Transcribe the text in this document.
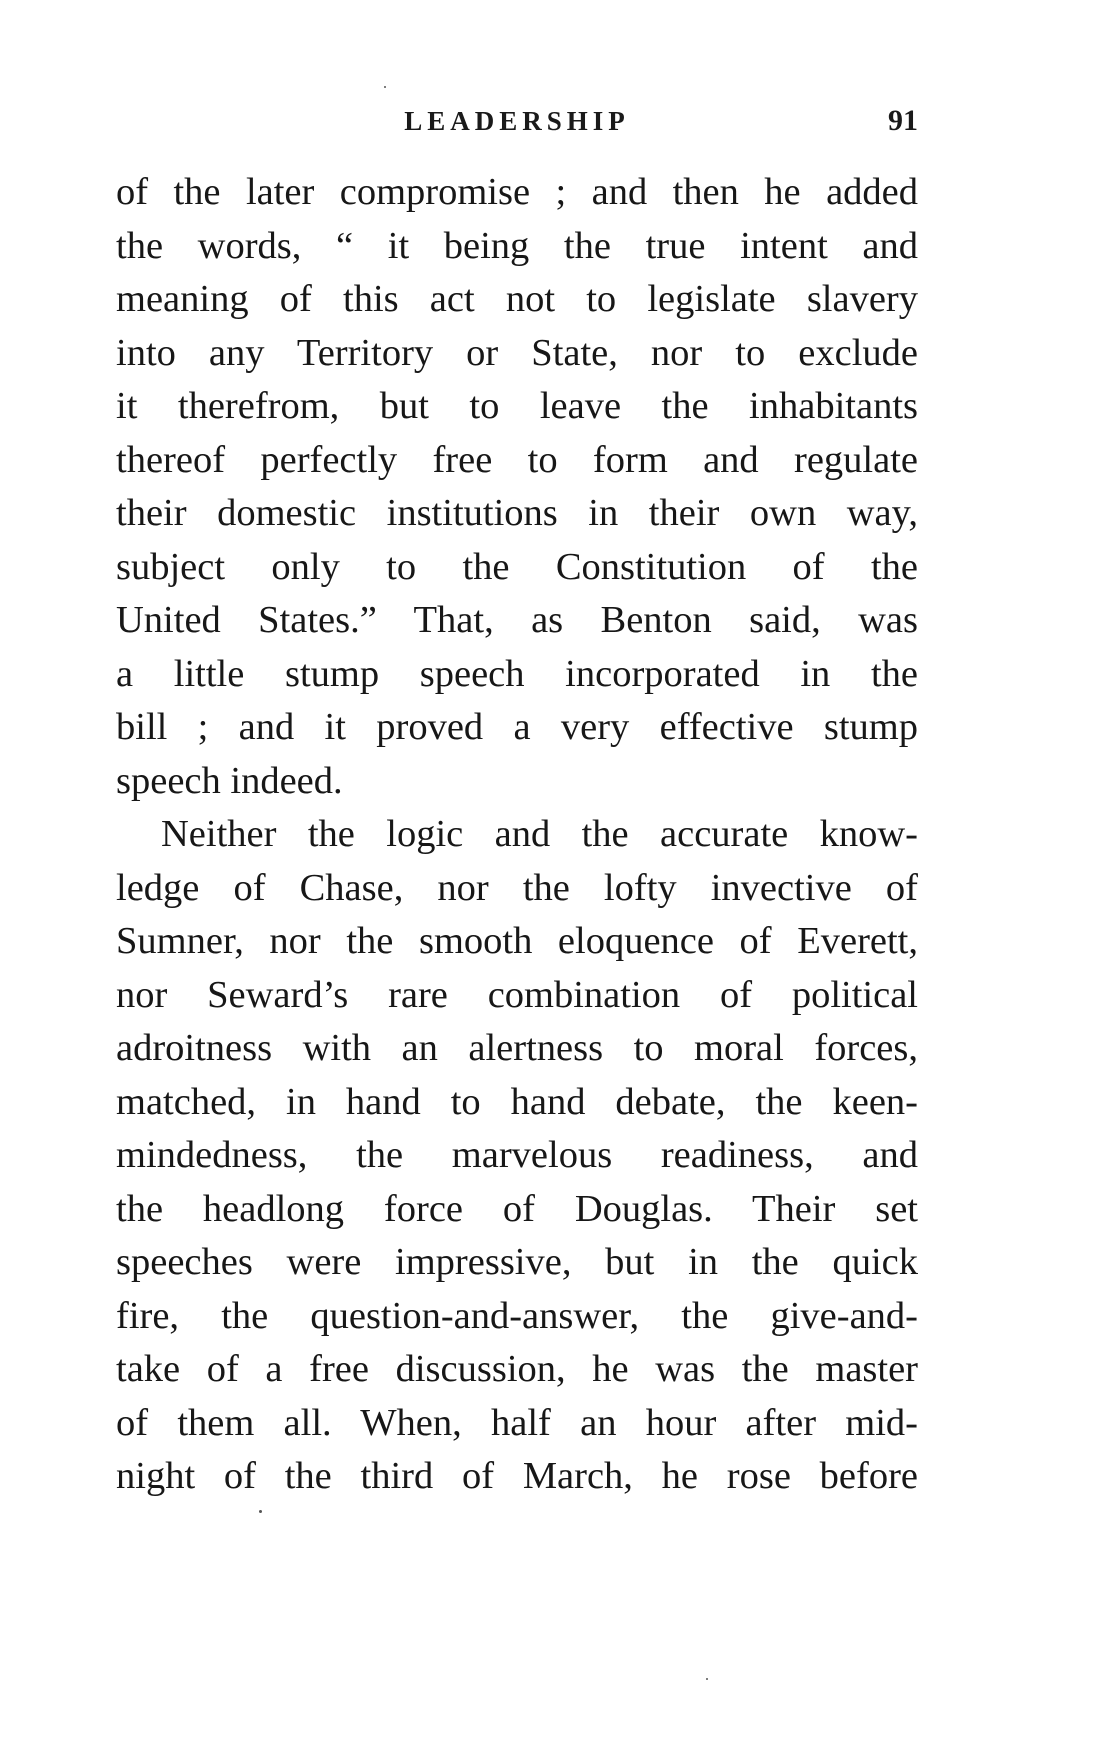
LEADERSHIP	91
of the later compromise ; and then he added
the words, “ it being the true intent and
meaning of this act not to legislate slavery
into any Territory or State, nor to exclude
it therefrom, but to leave the inhabitants
thereof perfectly free to form and regulate
their domestic institutions in their own way,
subject only to the Constitution of the
United States.” That, as Benton said, was
a little stump speech incorporated in the
bill ; and it proved a very effective stump
speech indeed.
Neither the logic and the accurate know-
ledge of Chase, nor the lofty invective of
Sumner, nor the smooth eloquence of Everett,
nor Seward’s rare combination of political
adroitness with an alertness to moral forces,
matched, in hand to hand debate, the keen-
mindedness, the marvelous readiness, and
the headlong force of Douglas. Their set
speeches were impressive, but in the quick
fire, the question-and-answer, the give-and-
take of a free discussion, he was the master
of them all. When, half an hour after mid-
night of the third of March, he rose before
